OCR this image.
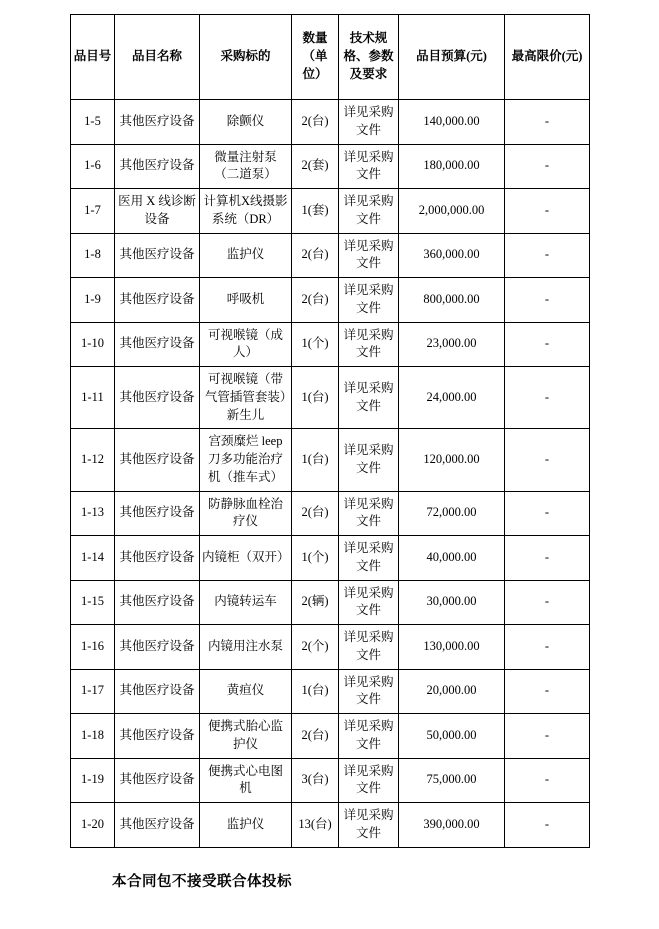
品目号	品目名称	采购标的	数量（单位）	技术规格、参数及要求	品目预算(元)	最高限价(元)
1-5	其他医疗设备	除颤仪	2(台)	详见采购文件	140,000.00	-
1-6	其他医疗设备	微量注射泵（二道泵）	2(套)	详见采购文件	180,000.00	-
1-7	医用 X 线诊断设备	计算机X线摄影系统（DR）	1(套)	详见采购文件	2,000,000.00	-
1-8	其他医疗设备	监护仪	2(台)	详见采购文件	360,000.00	-
1-9	其他医疗设备	呼吸机	2(台)	详见采购文件	800,000.00	-
1-10	其他医疗设备	可视喉镜（成人）	1(个)	详见采购文件	23,000.00	-
1-11	其他医疗设备	可视喉镜（带气管插管套装）新生儿	1(台)	详见采购文件	24,000.00	-
1-12	其他医疗设备	宫颈糜烂 leep 刀多功能治疗机（推车式）	1(台)	详见采购文件	120,000.00	-
1-13	其他医疗设备	防静脉血栓治疗仪	2(台)	详见采购文件	72,000.00	-
1-14	其他医疗设备	内镜柜（双开）	1(个)	详见采购文件	40,000.00	-
1-15	其他医疗设备	内镜转运车	2(辆)	详见采购文件	30,000.00	-
1-16	其他医疗设备	内镜用注水泵	2(个)	详见采购文件	130,000.00	-
1-17	其他医疗设备	黄疸仪	1(台)	详见采购文件	20,000.00	-
1-18	其他医疗设备	便携式胎心监护仪	2(台)	详见采购文件	50,000.00	-
1-19	其他医疗设备	便携式心电图机	3(台)	详见采购文件	75,000.00	-
1-20	其他医疗设备	监护仪	13(台)	详见采购文件	390,000.00	-
本合同包不接受联合体投标
